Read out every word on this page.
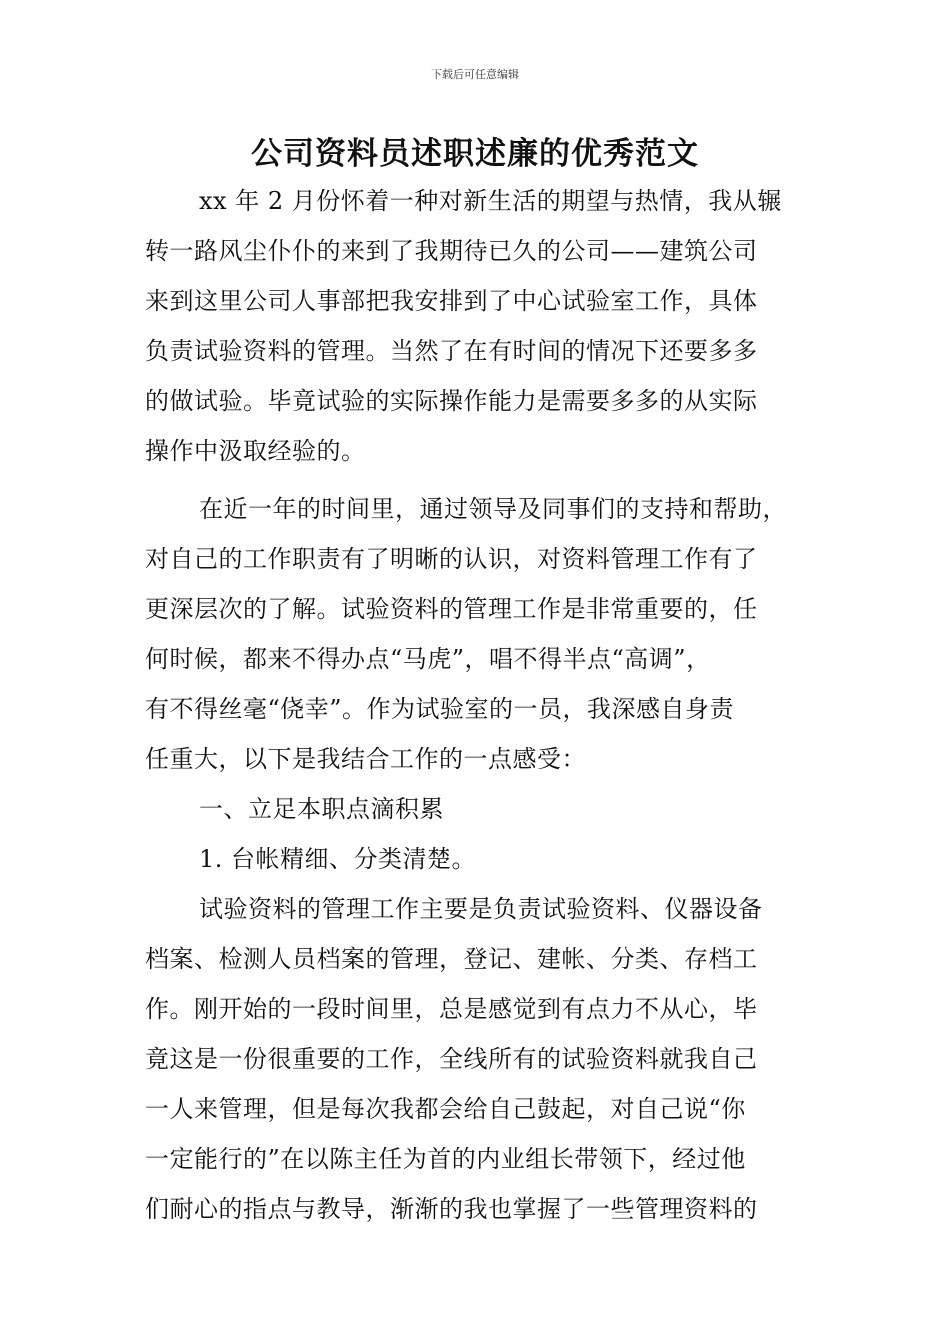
下载后可任意编辑
公司资料员述职述廉的优秀范文
xx 年 2 月份怀着一种对新生活的期望与热情，我从辗
转一路风尘仆仆的来到了我期待已久的公司——建筑公司
来到这里公司人事部把我安排到了中心试验室工作，具体
负责试验资料的管理。当然了在有时间的情况下还要多多
的做试验。毕竟试验的实际操作能力是需要多多的从实际
操作中汲取经验的。
在近一年的时间里，通过领导及同事们的支持和帮助，
对自己的工作职责有了明晰的认识，对资料管理工作有了
更深层次的了解。试验资料的管理工作是非常重要的，任
何时候，都来不得办点“马虎”，唱不得半点“高调”，
有不得丝毫“侥幸”。作为试验室的一员，我深感自身责
任重大，以下是我结合工作的一点感受：
一、立足本职点滴积累
1. 台帐精细、分类清楚。
试验资料的管理工作主要是负责试验资料、仪器设备
档案、检测人员档案的管理，登记、建帐、分类、存档工
作。刚开始的一段时间里，总是感觉到有点力不从心，毕
竟这是一份很重要的工作，全线所有的试验资料就我自己
一人来管理，但是每次我都会给自己鼓起，对自己说“你
一定能行的”在以陈主任为首的内业组长带领下，经过他
们耐心的指点与教导，渐渐的我也掌握了一些管理资料的
